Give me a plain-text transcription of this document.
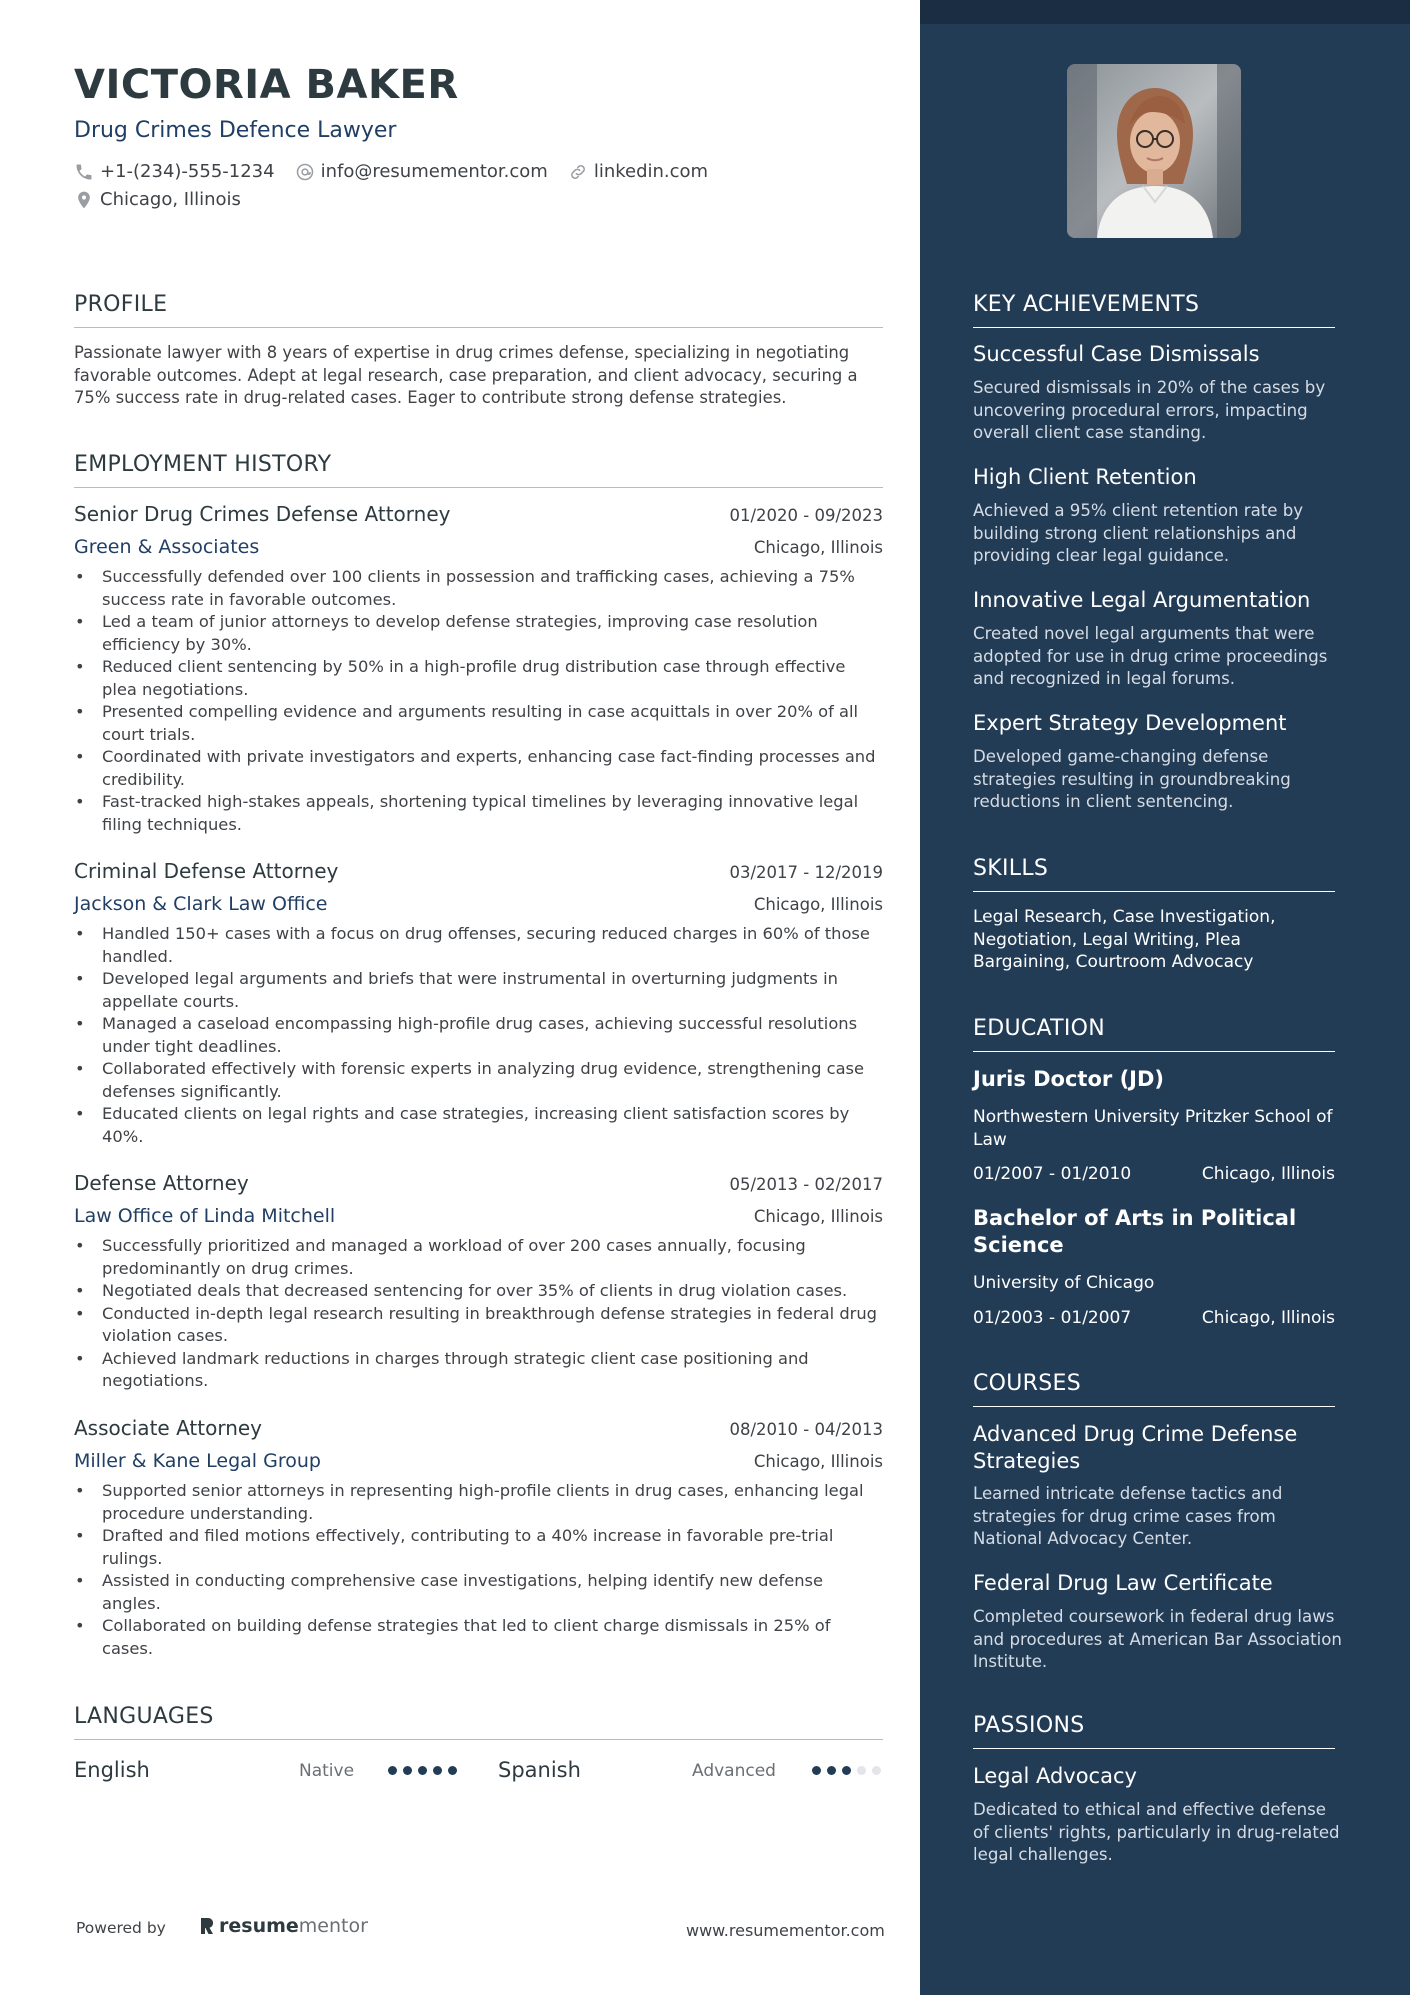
VICTORIA BAKER
Drug Crimes Defence Lawyer
+1-(234)-555-1234	info@resumementor.com	linkedin.com
Chicago, Illinois
PROFILE
Passionate lawyer with 8 years of expertise in drug crimes defense, specializing in negotiating favorable outcomes. Adept at legal research, case preparation, and client advocacy, securing a 75% success rate in drug-related cases. Eager to contribute strong defense strategies.
EMPLOYMENT HISTORY
Senior Drug Crimes Defense Attorney	01/2020 - 09/2023
Green & Associates	Chicago, Illinois
• Successfully defended over 100 clients in possession and trafficking cases, achieving a 75% success rate in favorable outcomes.
• Led a team of junior attorneys to develop defense strategies, improving case resolution efficiency by 30%.
• Reduced client sentencing by 50% in a high-profile drug distribution case through effective plea negotiations.
• Presented compelling evidence and arguments resulting in case acquittals in over 20% of all court trials.
• Coordinated with private investigators and experts, enhancing case fact-finding processes and credibility.
• Fast-tracked high-stakes appeals, shortening typical timelines by leveraging innovative legal filing techniques.
Criminal Defense Attorney	03/2017 - 12/2019
Jackson & Clark Law Office	Chicago, Illinois
• Handled 150+ cases with a focus on drug offenses, securing reduced charges in 60% of those handled.
• Developed legal arguments and briefs that were instrumental in overturning judgments in appellate courts.
• Managed a caseload encompassing high-profile drug cases, achieving successful resolutions under tight deadlines.
• Collaborated effectively with forensic experts in analyzing drug evidence, strengthening case defenses significantly.
• Educated clients on legal rights and case strategies, increasing client satisfaction scores by 40%.
Defense Attorney	05/2013 - 02/2017
Law Office of Linda Mitchell	Chicago, Illinois
• Successfully prioritized and managed a workload of over 200 cases annually, focusing predominantly on drug crimes.
• Negotiated deals that decreased sentencing for over 35% of clients in drug violation cases.
• Conducted in-depth legal research resulting in breakthrough defense strategies in federal drug violation cases.
• Achieved landmark reductions in charges through strategic client case positioning and negotiations.
Associate Attorney	08/2010 - 04/2013
Miller & Kane Legal Group	Chicago, Illinois
• Supported senior attorneys in representing high-profile clients in drug cases, enhancing legal procedure understanding.
• Drafted and filed motions effectively, contributing to a 40% increase in favorable pre-trial rulings.
• Assisted in conducting comprehensive case investigations, helping identify new defense angles.
• Collaborated on building defense strategies that led to client charge dismissals in 25% of cases.
LANGUAGES
English	Native	Spanish	Advanced
Powered by	resume mentor	www.resumementor.com
KEY ACHIEVEMENTS
Successful Case Dismissals
Secured dismissals in 20% of the cases by uncovering procedural errors, impacting overall client case standing.
High Client Retention
Achieved a 95% client retention rate by building strong client relationships and providing clear legal guidance.
Innovative Legal Argumentation
Created novel legal arguments that were adopted for use in drug crime proceedings and recognized in legal forums.
Expert Strategy Development
Developed game-changing defense strategies resulting in groundbreaking reductions in client sentencing.
SKILLS
Legal Research, Case Investigation, Negotiation, Legal Writing, Plea Bargaining, Courtroom Advocacy
EDUCATION
Juris Doctor (JD)
Northwestern University Pritzker School of Law
01/2007 - 01/2010	Chicago, Illinois
Bachelor of Arts in Political Science
University of Chicago
01/2003 - 01/2007	Chicago, Illinois
COURSES
Advanced Drug Crime Defense Strategies
Learned intricate defense tactics and strategies for drug crime cases from National Advocacy Center.
Federal Drug Law Certificate
Completed coursework in federal drug laws and procedures at American Bar Association Institute.
PASSIONS
Legal Advocacy
Dedicated to ethical and effective defense of clients' rights, particularly in drug-related legal challenges.
